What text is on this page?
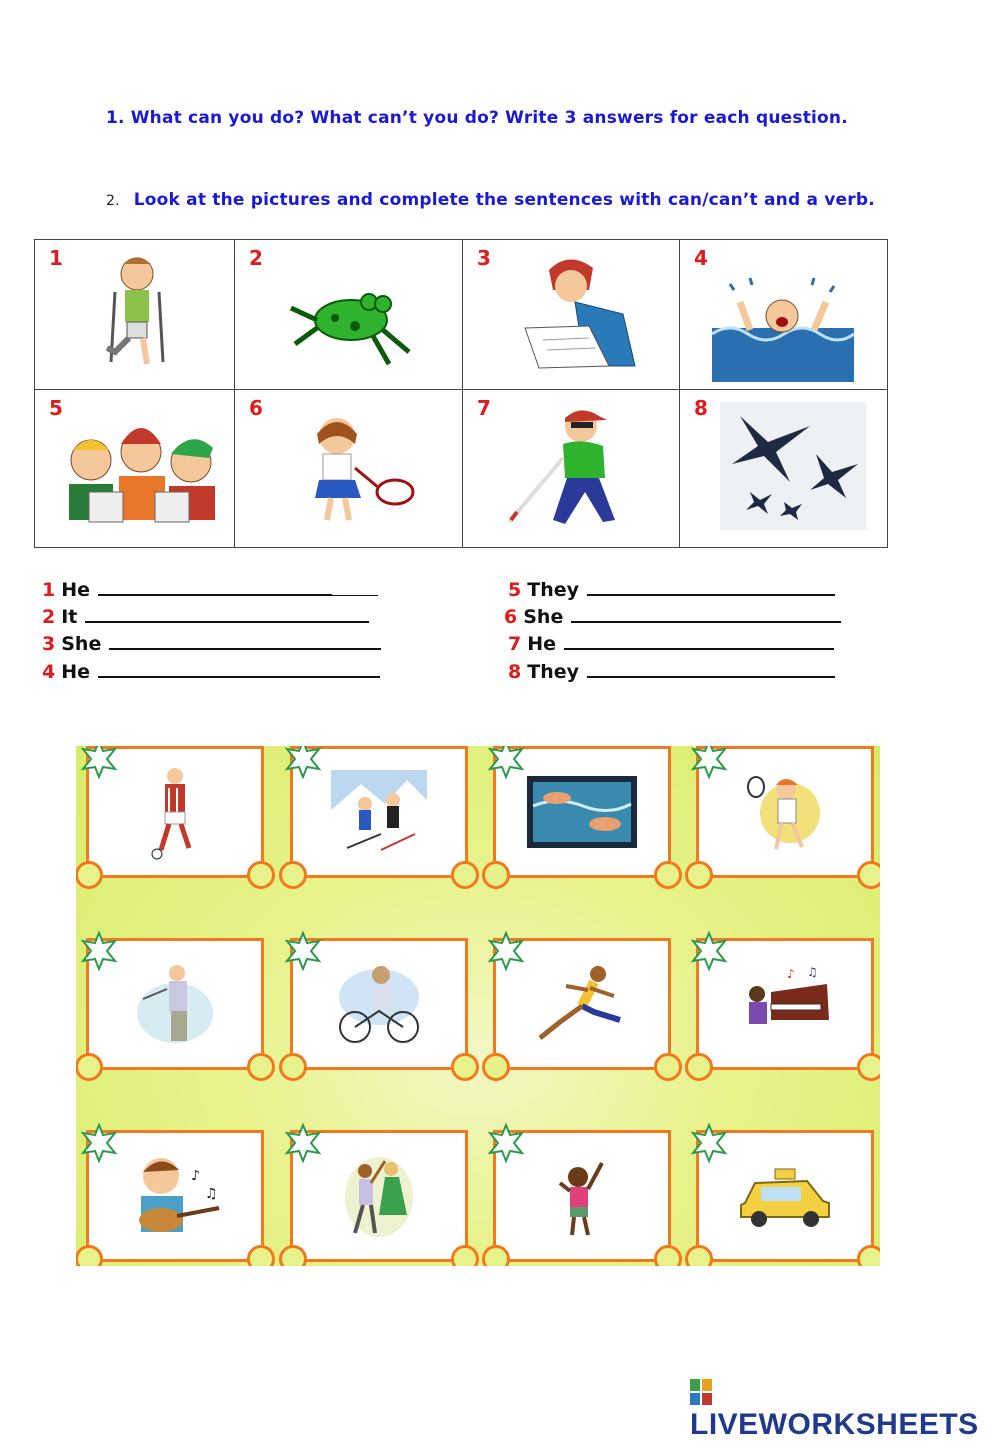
1. What can you do? What can’t you do? Write 3 answers for each question.
2. Look at the pictures and complete the sentences with can/can’t and a verb.
1	2	3	4

5	6	7	8
1 He
2 It
3 She
4 He
5 They
6 She
7 He
8 They
♪ ♫
♪
♫
LIVEWORKSHEETS
